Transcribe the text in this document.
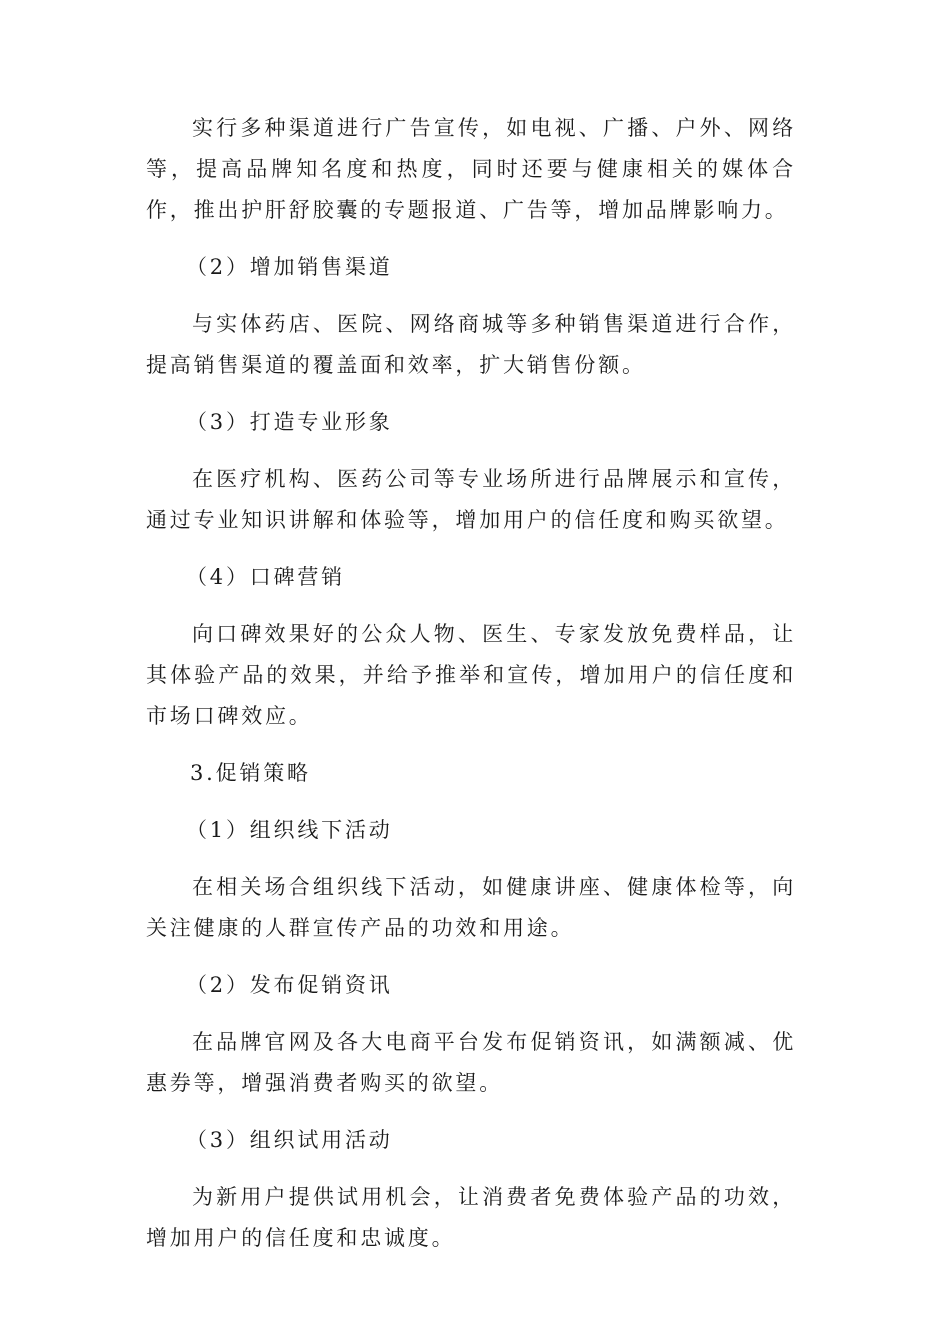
实行多种渠道进行广告宣传，如电视、广播、户外、网络等，提高品牌知名度和热度，同时还要与健康相关的媒体合作，推出护肝舒胶囊的专题报道、广告等，增加品牌影响力。

（2）增加销售渠道

与实体药店、医院、网络商城等多种销售渠道进行合作，提高销售渠道的覆盖面和效率，扩大销售份额。

（3）打造专业形象

在医疗机构、医药公司等专业场所进行品牌展示和宣传，通过专业知识讲解和体验等，增加用户的信任度和购买欲望。

（4）口碑营销

向口碑效果好的公众人物、医生、专家发放免费样品，让其体验产品的效果，并给予推举和宣传，增加用户的信任度和市场口碑效应。

3.促销策略

（1）组织线下活动

在相关场合组织线下活动，如健康讲座、健康体检等，向关注健康的人群宣传产品的功效和用途。

（2）发布促销资讯

在品牌官网及各大电商平台发布促销资讯，如满额减、优惠券等，增强消费者购买的欲望。

（3）组织试用活动

为新用户提供试用机会，让消费者免费体验产品的功效，增加用户的信任度和忠诚度。
